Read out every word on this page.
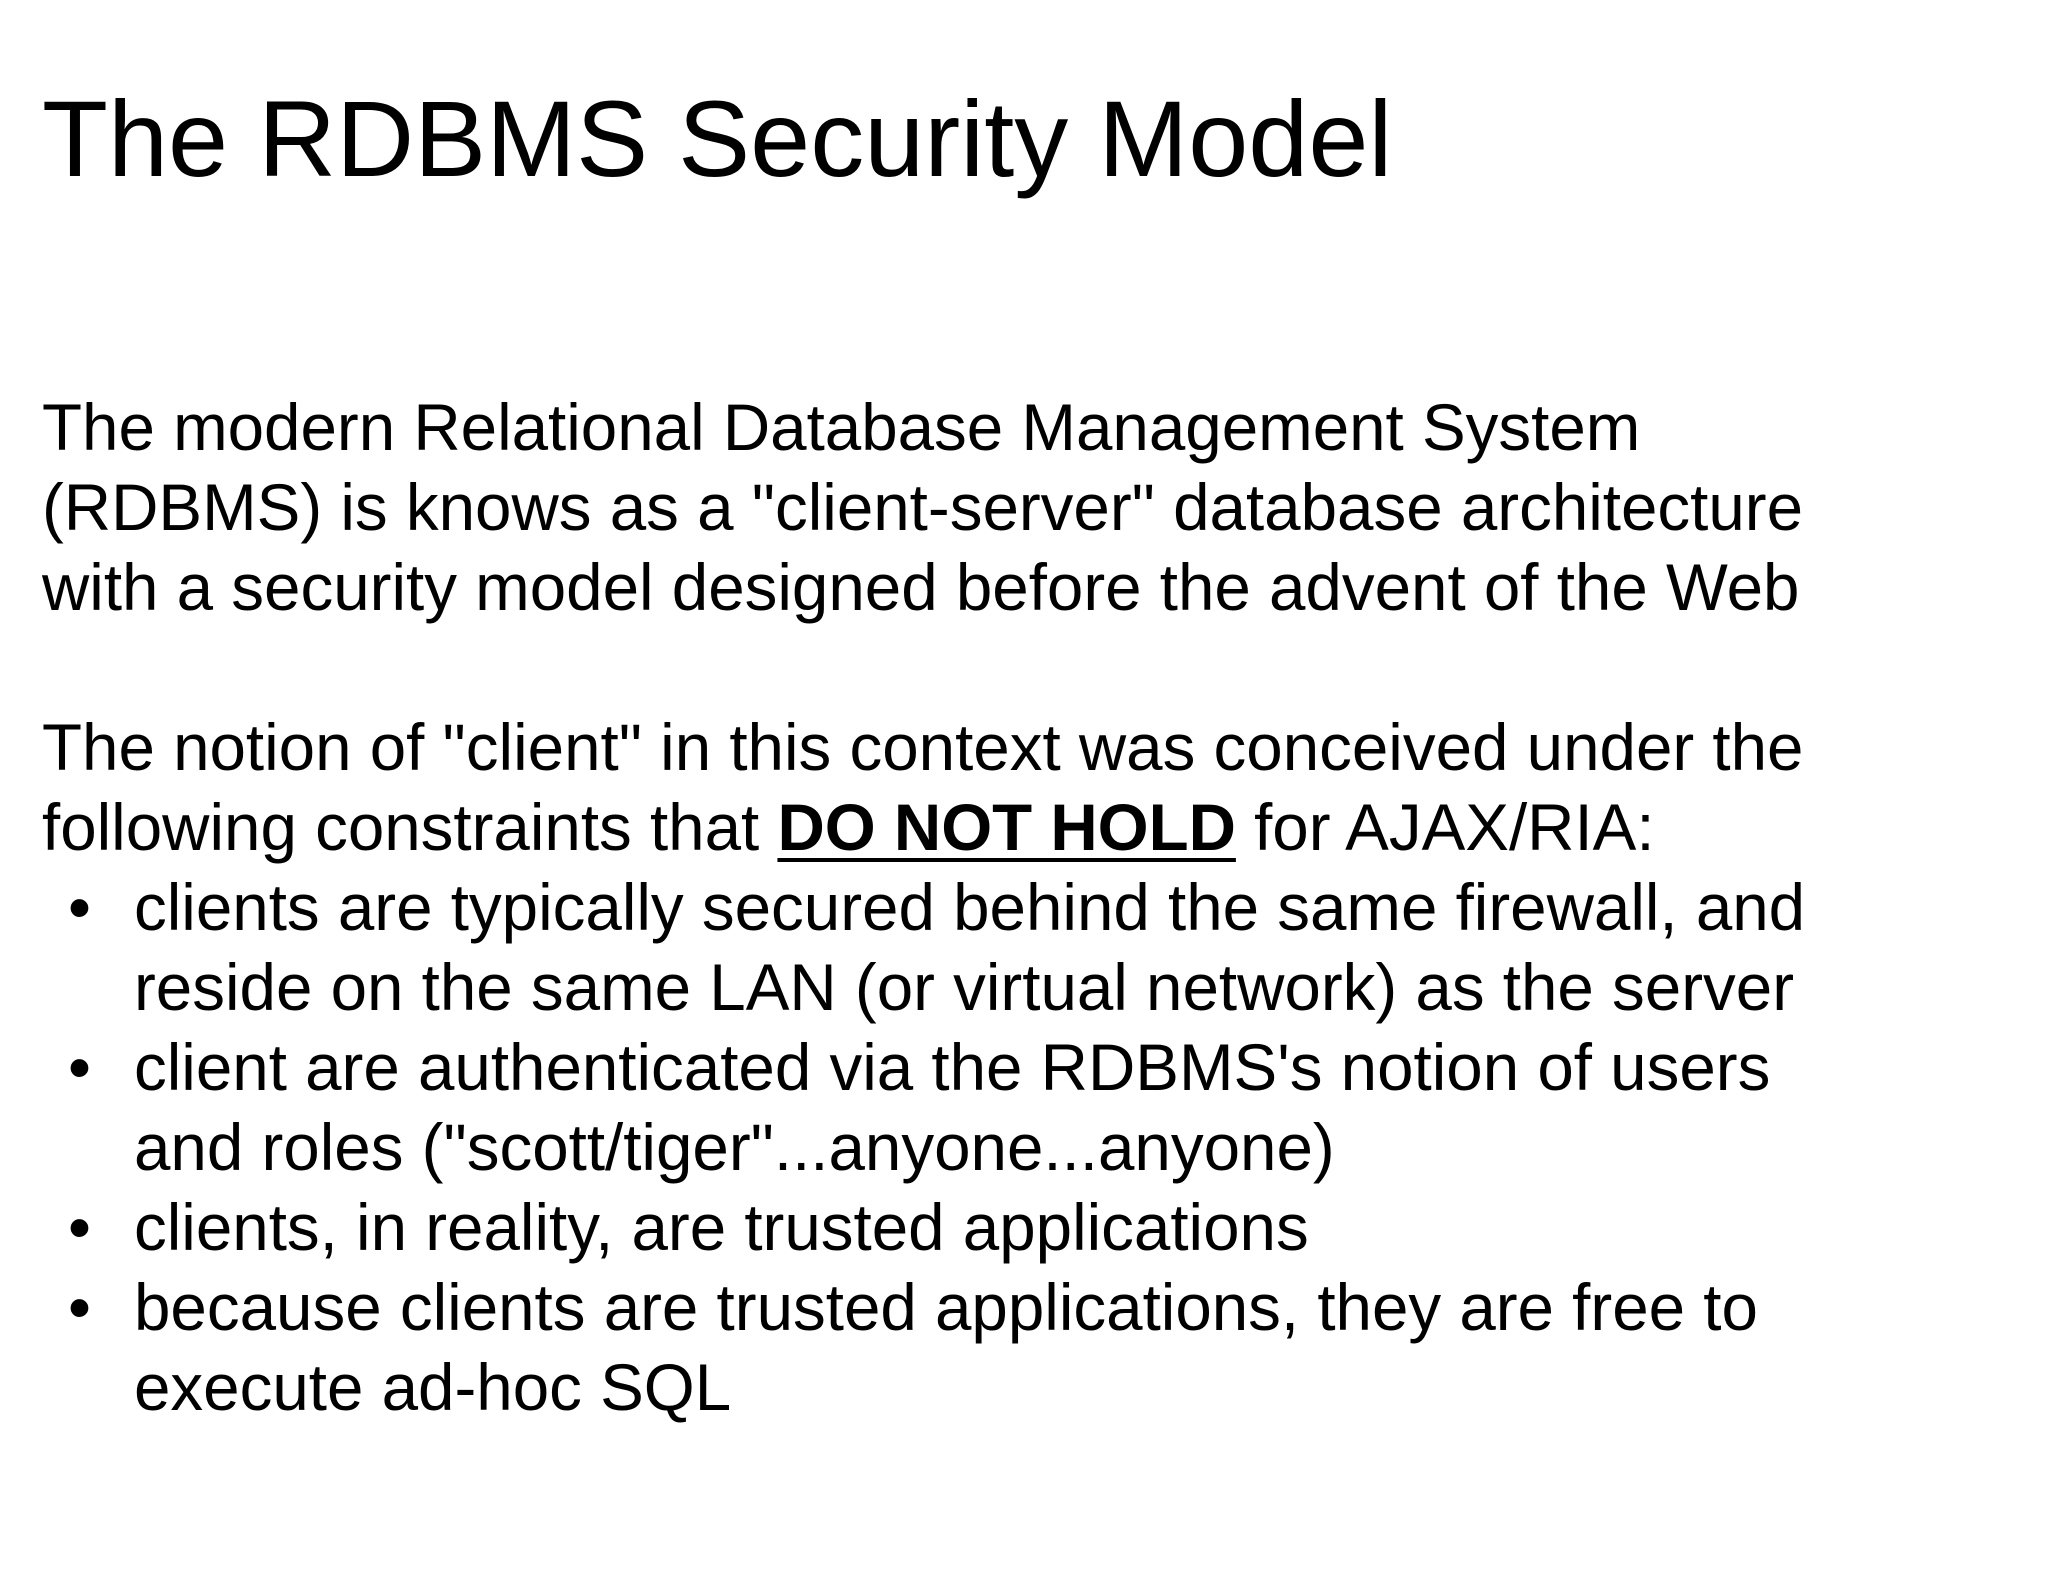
The RDBMS Security Model
The modern Relational Database Management System
(RDBMS) is knows as a "client-server" database architecture
with a security model designed before the advent of the Web
The notion of "client" in this context was conceived under the
following constraints that DO NOT HOLD for AJAX/RIA:
• clients are typically secured behind the same firewall, and
reside on the same LAN (or virtual network) as the server
• client are authenticated via the RDBMS's notion of users
and roles ("scott/tiger"...anyone...anyone)
• clients, in reality, are trusted applications
• because clients are trusted applications, they are free to
execute ad-hoc SQL
